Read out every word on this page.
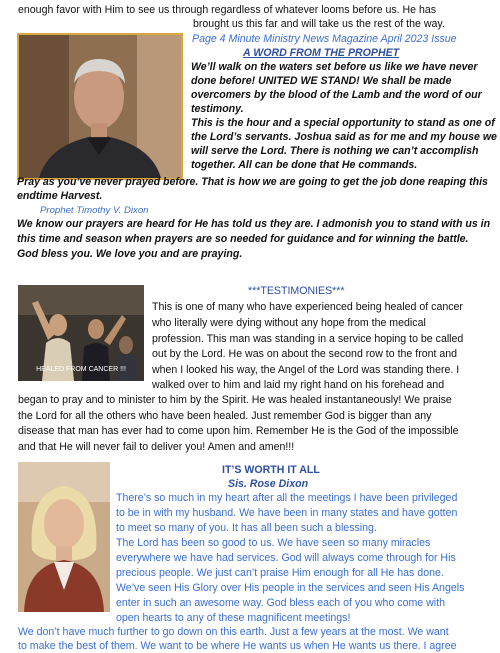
enough favor with Him to see us through regardless of whatever looms before us. He has
brought us this far and will take us the rest of the way.
Page 4 Minute Ministry News Magazine April 2023 Issue
A WORD FROM THE PROPHET
We’ll walk on the waters set before us like we have never
done before! UNITED WE STAND! We shall be made
overcomers by the blood of the Lamb and the word of our
testimony.
This is the hour and a special opportunity to stand as one of
the Lord’s servants. Joshua said as for me and my house we
will serve the Lord. There is nothing we can’t accomplish
together. All can be done that He commands.
Pray as you’ve never prayed before. That is how we are going to get the job done reaping this
endtime Harvest.
Prophet Timothy V. Dixon
We know our prayers are heard for He has told us they are. I admonish you to stand with us in
this time and season when prayers are so needed for guidance and for winning the battle.
God bless you. We love you and are praying.
***TESTIMONIES***
HEALED FROM CANCER !!!
This is one of many who have experienced being healed of cancer
who literally were dying without any hope from the medical
profession. This man was standing in a service hoping to be called
out by the Lord. He was on about the second row to the front and
when I looked his way, the Angel of the Lord was standing there. I
walked over to him and laid my right hand on his forehead and
began to pray and to minister to him by the Spirit. He was healed instantaneously! We praise
the Lord for all the others who have been healed. Just remember God is bigger than any
disease that man has ever had to come upon him. Remember He is the God of the impossible
and that He will never fail to deliver you! Amen and amen!!!
IT’S WORTH IT ALL
Sis. Rose Dixon
There’s so much in my heart after all the meetings I have been privileged
to be in with my husband. We have been in many states and have gotten
to meet so many of you. It has all been such a blessing.
The Lord has been so good to us. We have seen so many miracles
everywhere we have had services. God will always come through for His
precious people. We just can’t praise Him enough for all He has done.
We’ve seen His Glory over His people in the services and seen His Angels
enter in such an awesome way. God bless each of you who come with
open hearts to any of these magnificent meetings!
We don’t have much further to go down on this earth. Just a few years at the most. We want
to make the best of them. We want to be where He wants us when He wants us there. I agree
